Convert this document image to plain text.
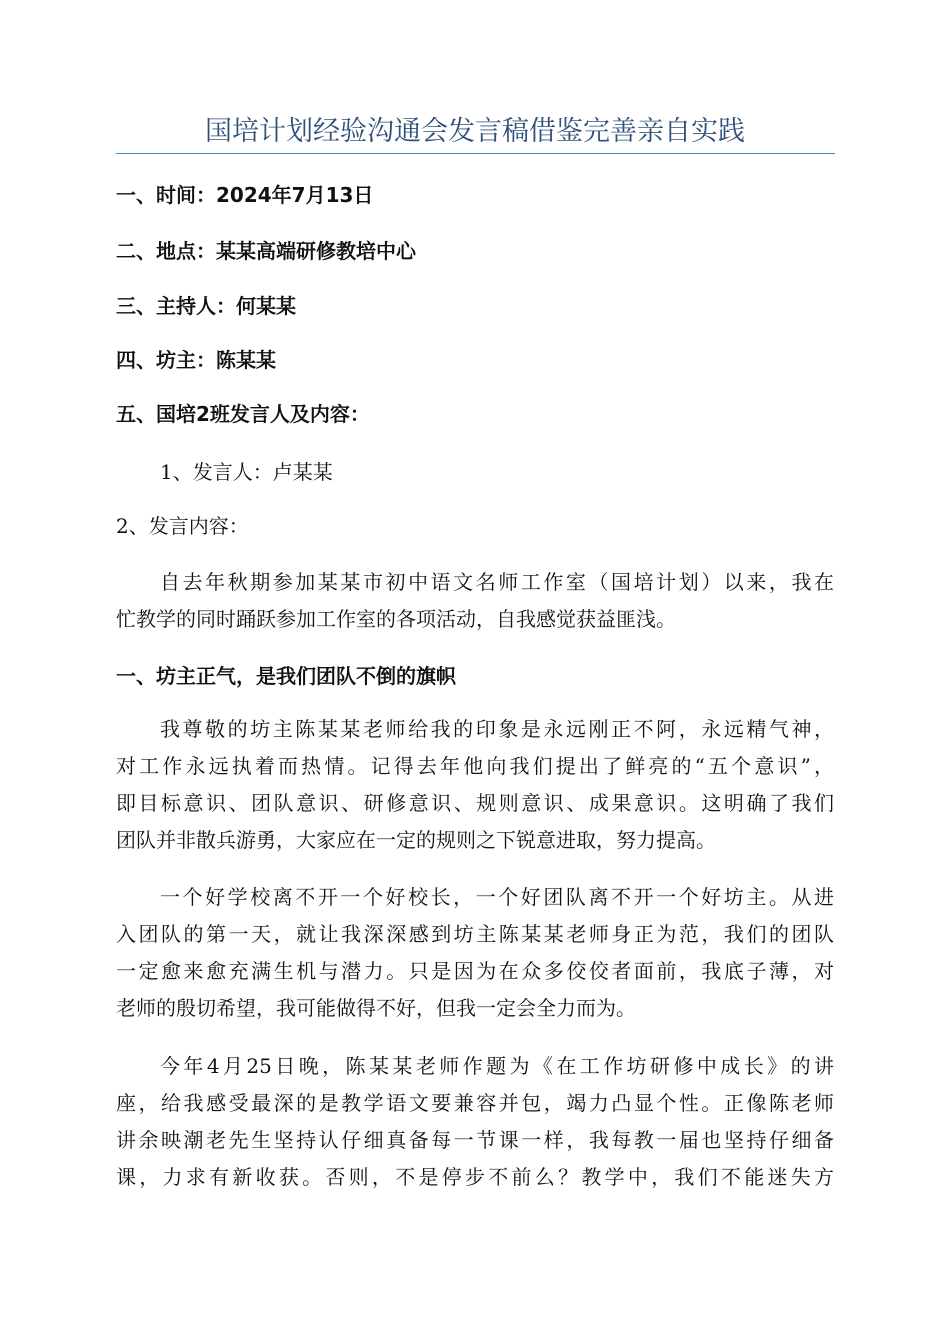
国培计划经验沟通会发言稿借鉴完善亲自实践
一、时间：2024年7月13日
二、地点：某某高端研修教培中心
三、主持人：何某某
四、坊主：陈某某
五、国培2班发言人及内容：
1、发言人：卢某某
2、发言内容：
自去年秋期参加某某市初中语文名师工作室（国培计划）以来，我在
忙教学的同时踊跃参加工作室的各项活动，自我感觉获益匪浅。
一、坊主正气，是我们团队不倒的旗帜
我尊敬的坊主陈某某老师给我的印象是永远刚正不阿，永远精气神，
对工作永远执着而热情。记得去年他向我们提出了鲜亮的“五个意识”，
即目标意识、团队意识、研修意识、规则意识、成果意识。这明确了我们
团队并非散兵游勇，大家应在一定的规则之下锐意进取，努力提高。
一个好学校离不开一个好校长，一个好团队离不开一个好坊主。从进
入团队的第一天，就让我深深感到坊主陈某某老师身正为范，我们的团队
一定愈来愈充满生机与潜力。只是因为在众多佼佼者面前，我底子薄，对
老师的殷切希望，我可能做得不好，但我一定会全力而为。
今年4月25日晚，陈某某老师作题为《在工作坊研修中成长》的讲
座，给我感受最深的是教学语文要兼容并包，竭力凸显个性。正像陈老师
讲余映潮老先生坚持认仔细真备每一节课一样，我每教一届也坚持仔细备
课，力求有新收获。否则，不是停步不前么？教学中，我们不能迷失方
